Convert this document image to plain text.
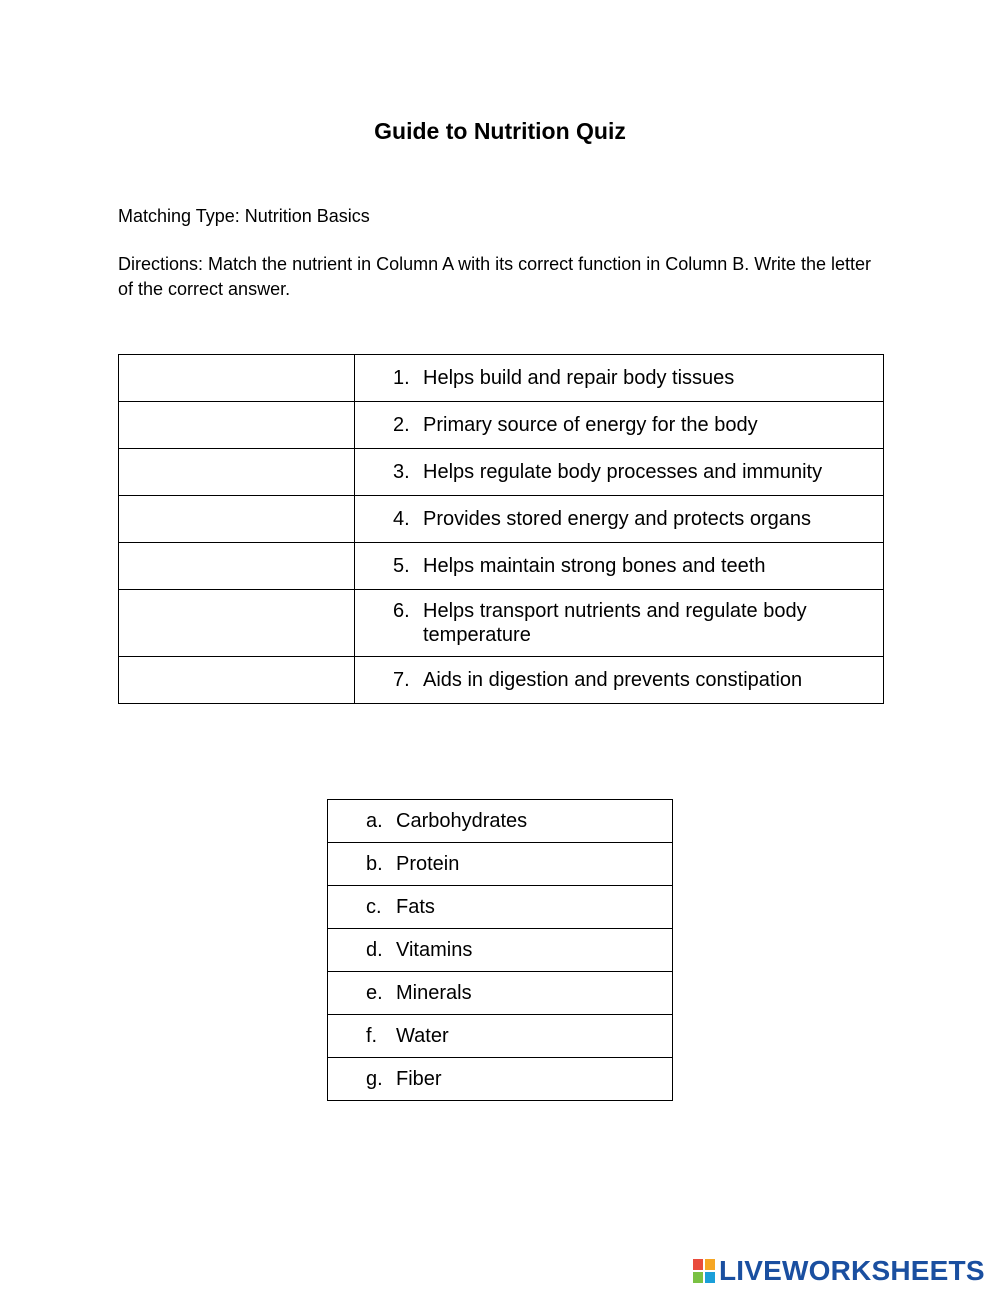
Guide to Nutrition Quiz

Matching Type: Nutrition Basics

Directions: Match the nutrient in Column A with its correct function in Column B. Write the letter of the correct answer.

	1. Helps build and repair body tissues

	2. Primary source of energy for the body

	3. Helps regulate body processes and immunity

	4. Provides stored energy and protects organs

	5. Helps maintain strong bones and teeth

	6. Helps transport nutrients and regulate body temperature

	7. Aids in digestion and prevents constipation
a. Carbohydrates

b. Protein

c. Fats

d. Vitamins

e. Minerals

f. Water

g. Fiber
LIVEWORKSHEETS
